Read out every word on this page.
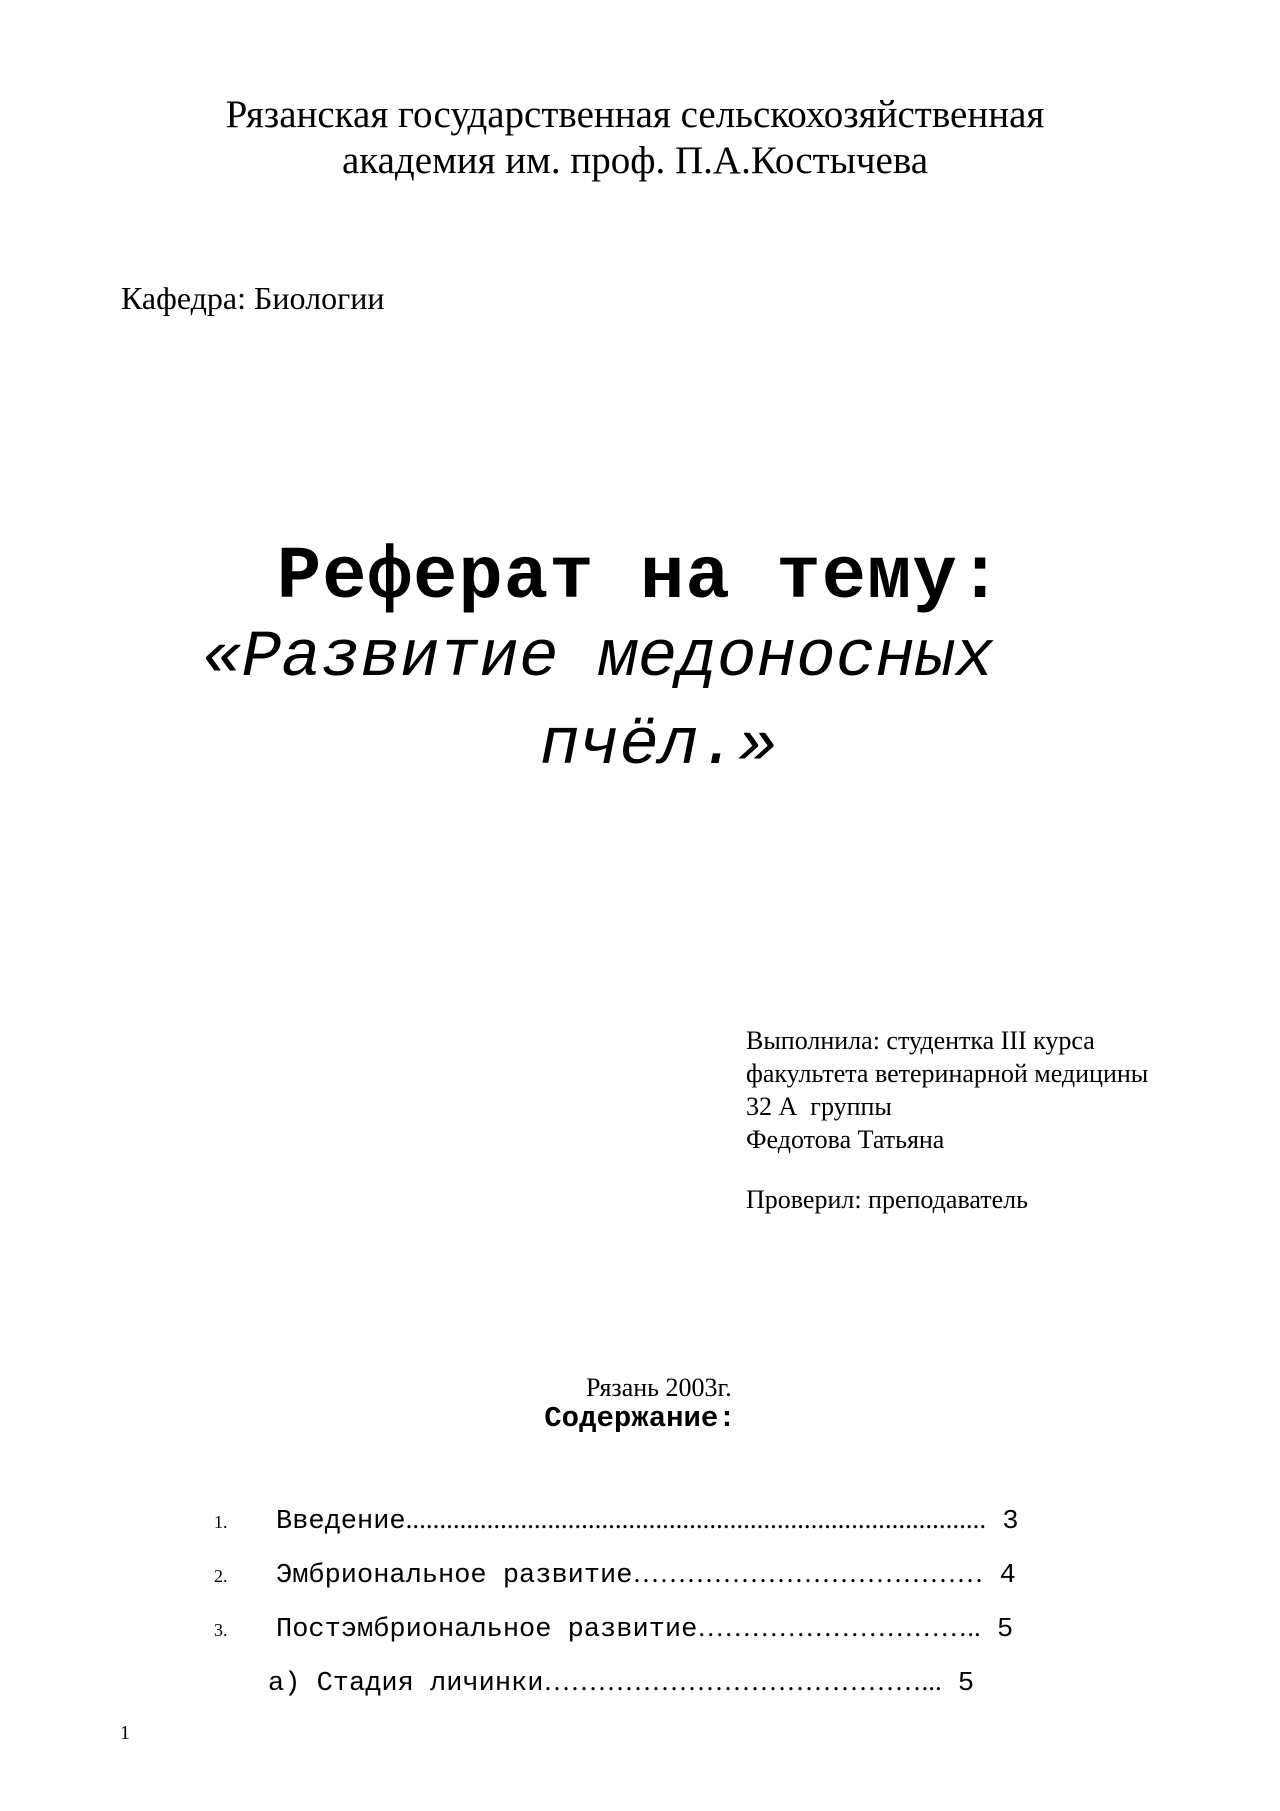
Рязанская государственная сельскохозяйственная
академия им. проф. П.А.Костычева
Кафедра: Биологии
Реферат на тему:
«Развитие медоносных
пчёл.»
Выполнила: студентка III курса
факультета ветеринарной медицины
32 А  группы
Федотова Татьяна
Проверил: преподаватель
Рязань 2003г.
Содержание:
1. Введение...................................................................................... 3
2. Эмбриональное развитие………………………………… 4
3. Постэмбриональное развитие………………………….. 5
а) Стадия личинки……………………………………... 5
1
